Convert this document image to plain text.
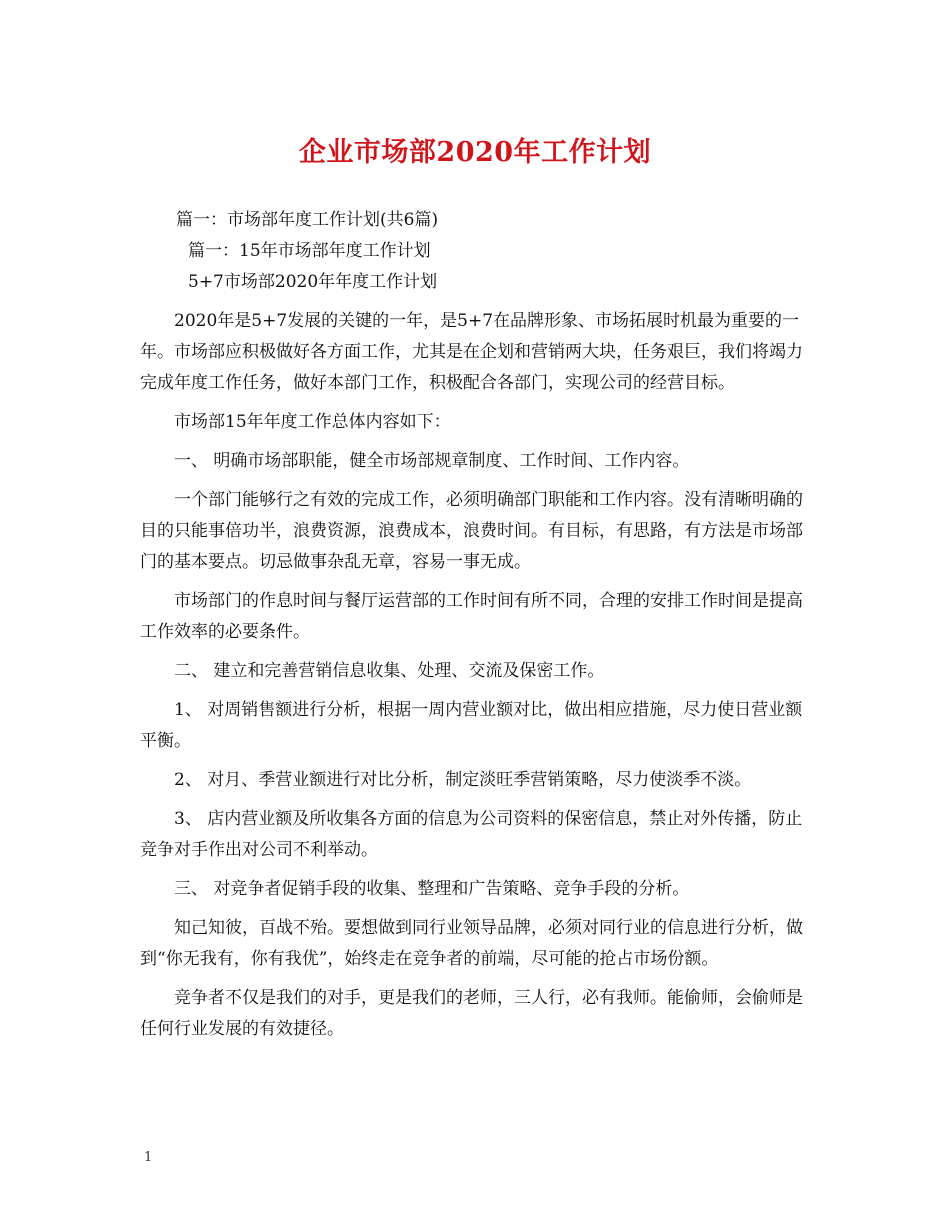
企业市场部2020年工作计划

篇一：市场部年度工作计划(共6篇)

篇一：15年市场部年度工作计划

5+7市场部2020年年度工作计划

2020年是5+7发展的关键的一年，是5+7在品牌形象、市场拓展时机最为重要的一年。市场部应积极做好各方面工作，尤其是在企划和营销两大块，任务艰巨，我们将竭力完成年度工作任务，做好本部门工作，积极配合各部门，实现公司的经营目标。

市场部15年年度工作总体内容如下：

一、 明确市场部职能，健全市场部规章制度、工作时间、工作内容。

一个部门能够行之有效的完成工作，必须明确部门职能和工作内容。没有清晰明确的目的只能事倍功半，浪费资源，浪费成本，浪费时间。有目标，有思路，有方法是市场部门的基本要点。切忌做事杂乱无章，容易一事无成。

市场部门的作息时间与餐厅运营部的工作时间有所不同，合理的安排工作时间是提高工作效率的必要条件。

二、 建立和完善营销信息收集、处理、交流及保密工作。

1、 对周销售额进行分析，根据一周内营业额对比，做出相应措施，尽力使日营业额平衡。

2、 对月、季营业额进行对比分析，制定淡旺季营销策略，尽力使淡季不淡。

3、 店内营业额及所收集各方面的信息为公司资料的保密信息，禁止对外传播，防止竞争对手作出对公司不利举动。

三、 对竞争者促销手段的收集、整理和广告策略、竞争手段的分析。

知己知彼，百战不殆。要想做到同行业领导品牌，必须对同行业的信息进行分析，做到“你无我有，你有我优”，始终走在竞争者的前端，尽可能的抢占市场份额。

竞争者不仅是我们的对手，更是我们的老师，三人行，必有我师。能偷师，会偷师是任何行业发展的有效捷径。

1
